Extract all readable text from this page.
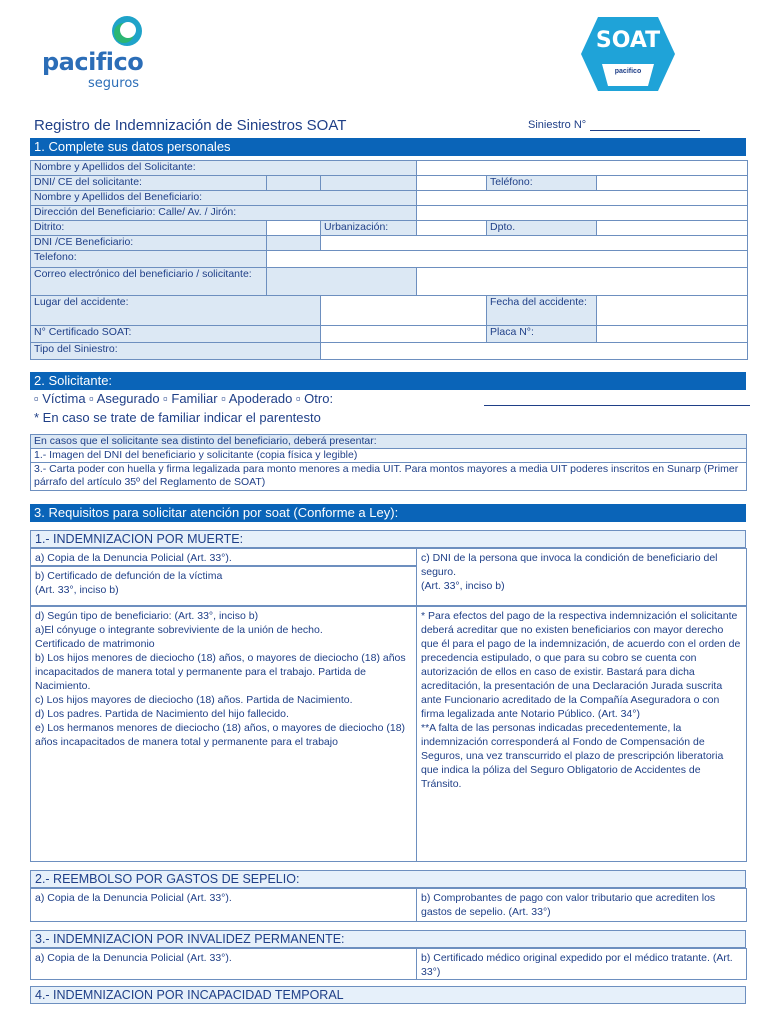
pacifico
seguros
SOAT
pacifico
Registro de Indemnización de Siniestros SOAT	Siniestro N°
1. Complete sus datos personales
Nombre y Apellidos del Solicitante:					
DNI/ CE del solicitante:				Teléfono:	
Nombre y Apellidos del Beneficiario:					
Dirección del Beneficiario: Calle/ Av. / Jirón:					
Ditrito:		Urbanización:		Dpto.	
DNI /CE Beneficiario:					
Telefono:					
Correo electrónico del beneficiario / solicitante:					
Lugar del accidente:				Fecha del accidente:	
N° Certificado SOAT:				Placa N°:	
Tipo del Siniestro:					
2. Solicitante:
▫ Víctima ▫ Asegurado ▫ Familiar ▫ Apoderado ▫ Otro:
* En caso se trate de familiar indicar el parentesto
En casos que el solicitante sea distinto del beneficiario, deberá presentar:
1.- Imagen del DNI del beneficiario y solicitante (copia física y legible)
3.- Carta poder con huella y firma legalizada para monto menores a media UIT. Para montos mayores a media UIT poderes inscritos en Sunarp (Primer párrafo del artículo 35º del Reglamento de SOAT)
3. Requisitos para solicitar atención por soat (Conforme a Ley):
1.- INDEMNIZACION POR MUERTE:
a) Copia de la Denuncia Policial (Art. 33°).
b) Certificado de defunción de la víctima
(Art. 33°, inciso b)
c) DNI de la persona que invoca la condición de beneficiario del seguro.
(Art. 33°, inciso b)
d) Según tipo de beneficiario: (Art. 33°, inciso b)
a)El cónyuge o integrante sobreviviente de la unión de hecho.
Certificado de matrimonio
b) Los hijos menores de dieciocho (18) años, o mayores de dieciocho (18) años incapacitados de manera total y permanente para el trabajo. Partida de Nacimiento.
c) Los hijos mayores de dieciocho (18) años. Partida de Nacimiento.
d) Los padres. Partida de Nacimiento del hijo fallecido.
e) Los hermanos menores de dieciocho (18) años, o mayores de dieciocho (18) años incapacitados de manera total y permanente para el trabajo
* Para efectos del pago de la respectiva indemnización el solicitante deberá acreditar que no existen beneficiarios con mayor derecho que él para el pago de la indemnización, de acuerdo con el orden de precedencia estipulado, o que para su cobro se cuenta con autorización de ellos en caso de existir. Bastará para dicha acreditación, la presentación de una Declaración Jurada suscrita ante Funcionario acreditado de la Compañía Aseguradora o con firma legalizada ante Notario Público. (Art. 34°)
**A falta de las personas indicadas precedentemente, la indemnización corresponderá al Fondo de Compensación de Seguros, una vez transcurrido el plazo de prescripción liberatoria que indica la póliza del Seguro Obligatorio de Accidentes de Tránsito.
2.- REEMBOLSO POR GASTOS DE SEPELIO:
a) Copia de la Denuncia Policial (Art. 33°).	b) Comprobantes de pago con valor tributario que acrediten los gastos de sepelio. (Art. 33°)
3.- INDEMNIZACION POR INVALIDEZ PERMANENTE:
a) Copia de la Denuncia Policial (Art. 33°).	b) Certificado médico original expedido por el médico tratante. (Art. 33°)
4.- INDEMNIZACION POR INCAPACIDAD TEMPORAL
